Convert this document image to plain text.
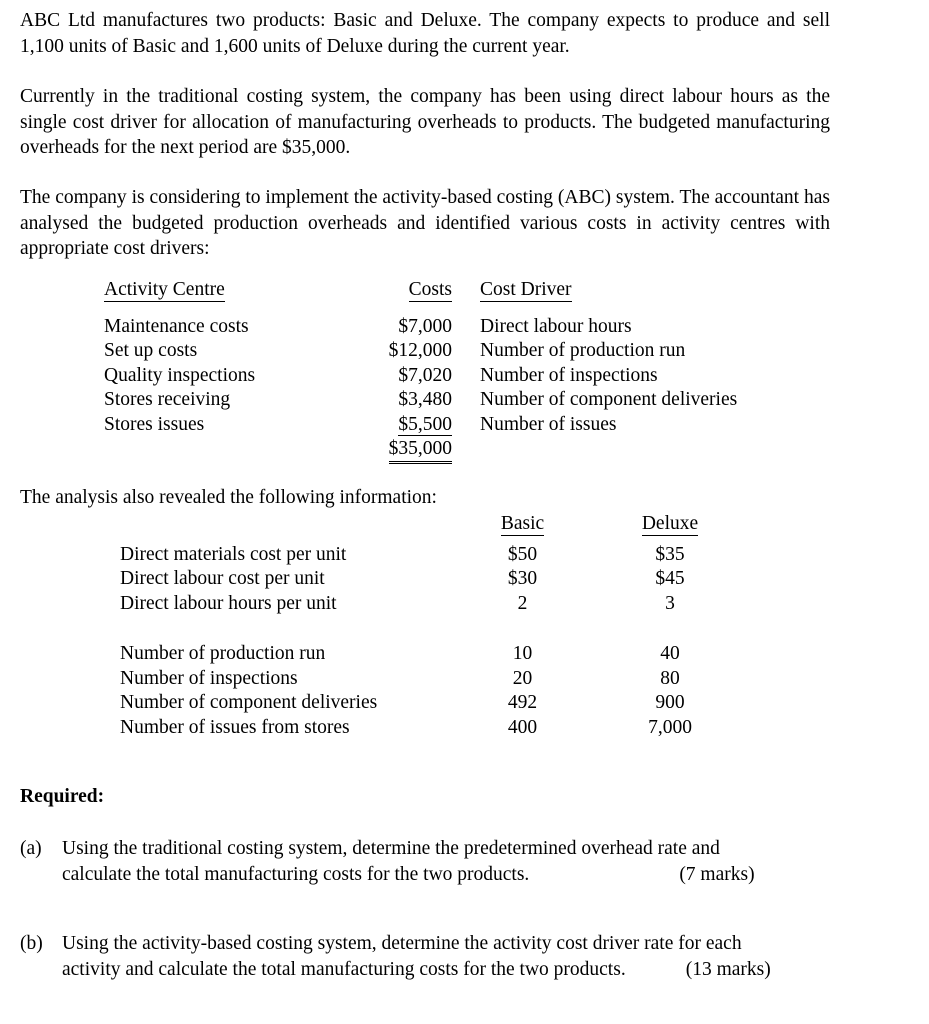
ABC Ltd manufactures two products: Basic and Deluxe. The company expects to produce and sell 1,100 units of Basic and 1,600 units of Deluxe during the current year.
Currently in the traditional costing system, the company has been using direct labour hours as the single cost driver for allocation of manufacturing overheads to products. The budgeted manufacturing overheads for the next period are $35,000.
The company is considering to implement the activity-based costing (ABC) system. The accountant has analysed the budgeted production overheads and identified various costs in activity centres with appropriate cost drivers:
Activity Centre	Costs	Cost Driver
Maintenance costs	$7,000	Direct labour hours
Set up costs	$12,000	Number of production run
Quality inspections	$7,020	Number of inspections
Stores receiving	$3,480	Number of component deliveries
Stores issues	$5,500	Number of issues
	$35,000	
The analysis also revealed the following information:
	Basic	Deluxe
Direct materials cost per unit	$50	$35
Direct labour cost per unit	$30	$45
Direct labour hours per unit	2	3

Number of production run	10	40
Number of inspections	20	80
Number of component deliveries	492	900
Number of issues from stores	400	7,000
Required:
(a)	Using the traditional costing system, determine the predetermined overhead rate and
calculate the total manufacturing costs for the two products.	(7 marks)
(b) Using the activity-based costing system, determine the activity cost driver rate for each
activity and calculate the total manufacturing costs for the two products.	(13 marks)
